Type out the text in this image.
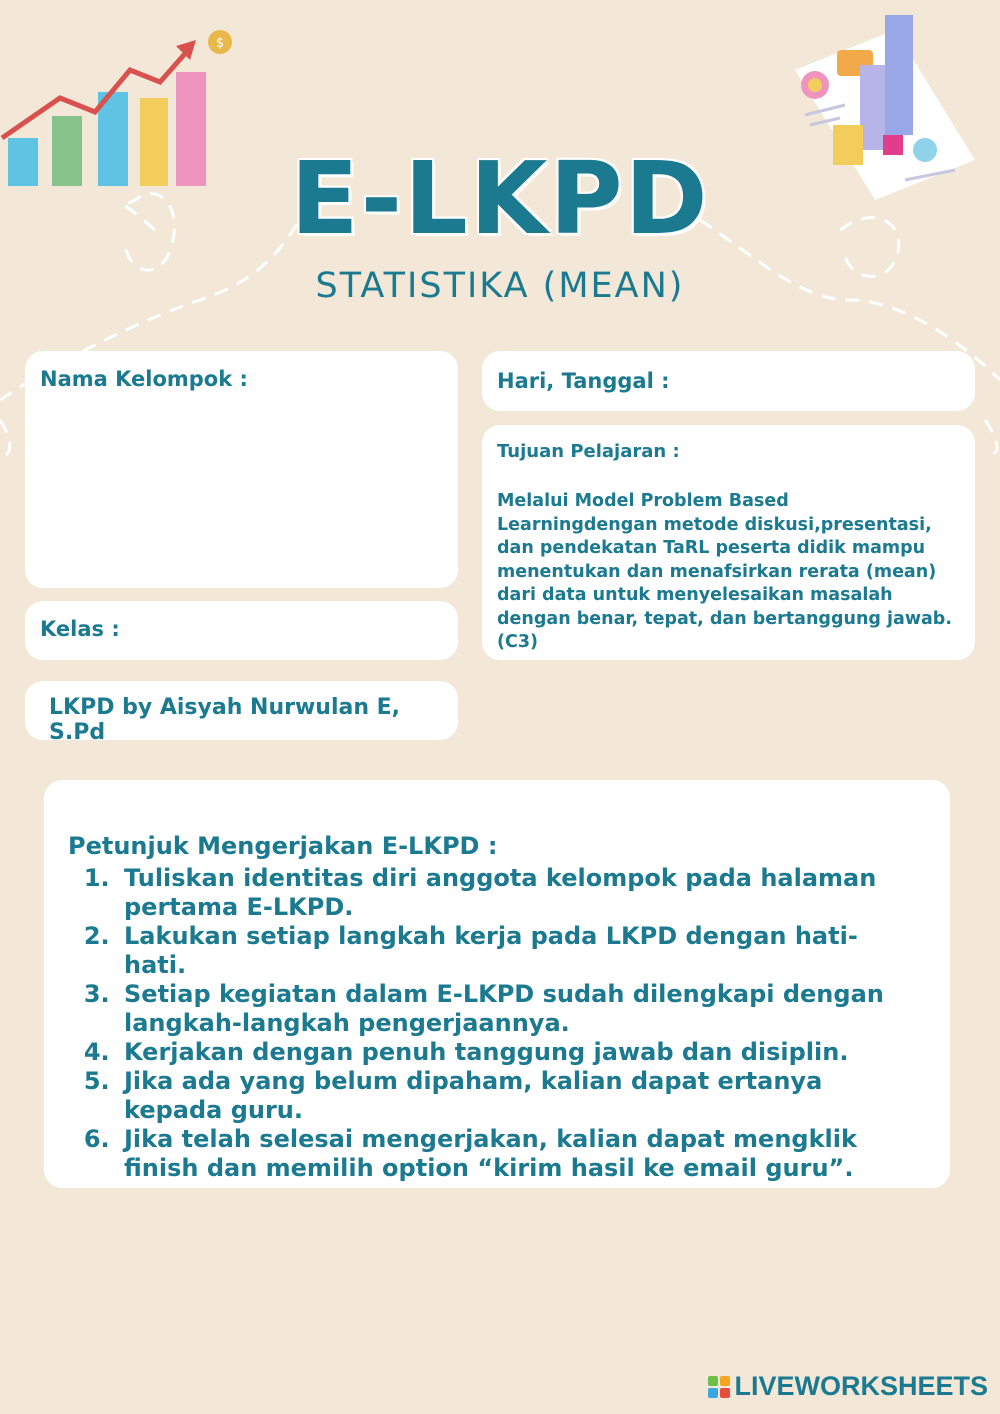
$
E-LKPD
STATISTIKA (MEAN)
Nama Kelompok :	Hari, Tanggal :
Tujuan Pelajaran :
Melalui Model Problem Based Learningdengan metode diskusi,presentasi, dan pendekatan TaRL peserta didik mampu menentukan dan menafsirkan rerata (mean) dari data untuk menyelesaikan masalah dengan benar, tepat, dan bertanggung jawab. (C3)
Kelas :
LKPD by Aisyah Nurwulan E, S.Pd
Petunjuk Mengerjakan E-LKPD :
1. Tuliskan identitas diri anggota kelompok pada halaman pertama E-LKPD.
2. Lakukan setiap langkah kerja pada LKPD dengan hati-hati.
3. Setiap kegiatan dalam E-LKPD sudah dilengkapi dengan langkah-langkah pengerjaannya.
4. Kerjakan dengan penuh tanggung jawab dan disiplin.
5. Jika ada yang belum dipaham, kalian dapat ertanya kepada guru.
6. Jika telah selesai mengerjakan, kalian dapat mengklik finish dan memilih option “kirim hasil ke email guru”.
LIVEWORKSHEETS
